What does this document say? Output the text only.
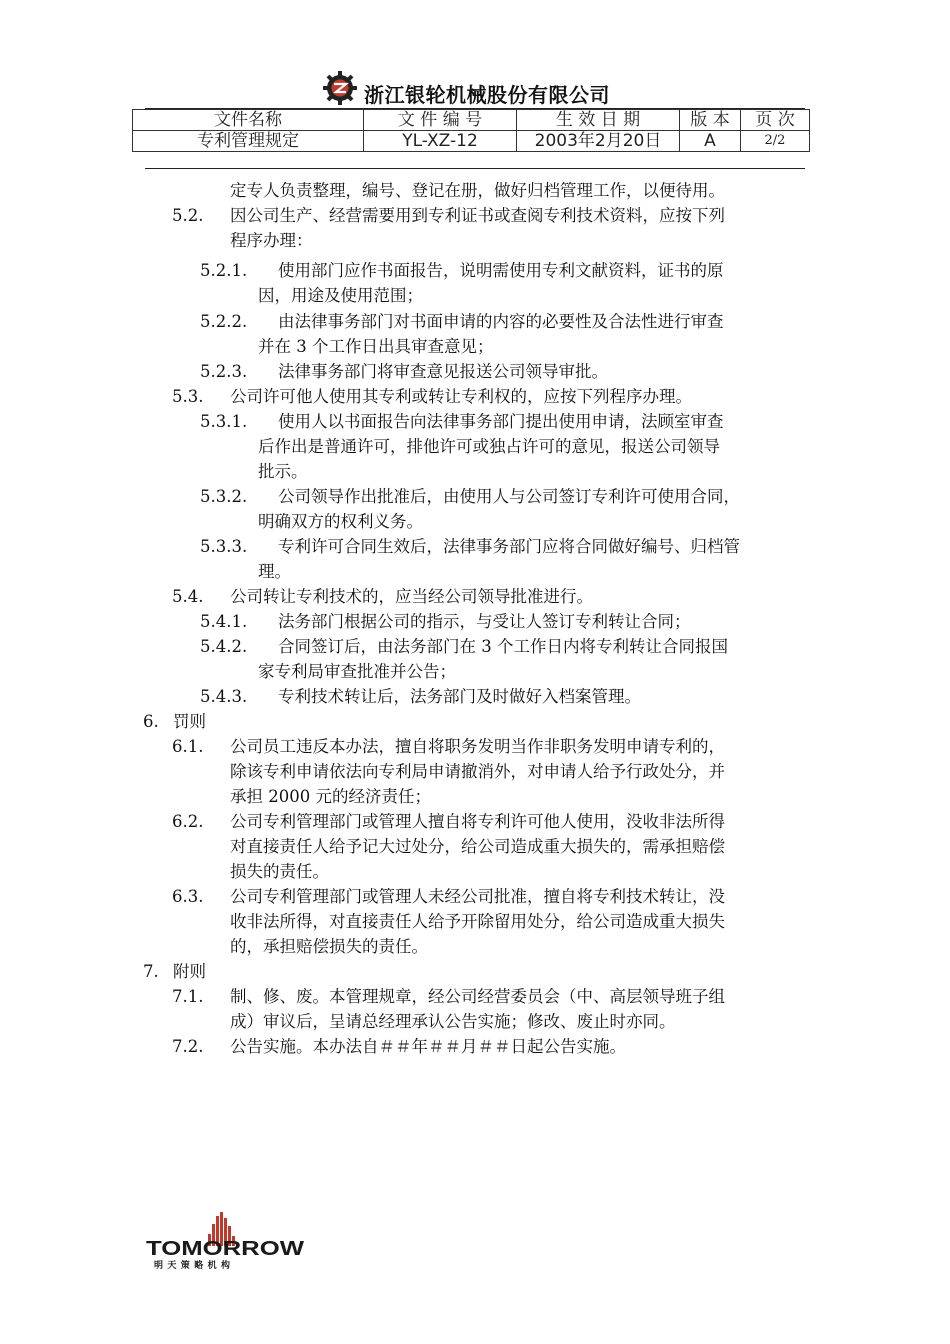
浙江银轮机械股份有限公司
文件名称	文 件 编 号	生 效 日 期	版 本	页 次
专利管理规定	YL-XZ-12	2003年2月20日	A	2/2
定专人负责整理，编号、登记在册，做好归档管理工作，以便待用。
5.2. 因公司生产、经营需要用到专利证书或查阅专利技术资料，应按下列
程序办理：
5.2.1. 使用部门应作书面报告，说明需使用专利文献资料，证书的原
因，用途及使用范围；
5.2.2. 由法律事务部门对书面申请的内容的必要性及合法性进行审查
并在 3 个工作日出具审查意见；
5.2.3. 法律事务部门将审查意见报送公司领导审批。
5.3. 公司许可他人使用其专利或转让专利权的，应按下列程序办理。
5.3.1. 使用人以书面报告向法律事务部门提出使用申请，法顾室审查
后作出是普通许可，排他许可或独占许可的意见，报送公司领导
批示。
5.3.2. 公司领导作出批准后，由使用人与公司签订专利许可使用合同，
明确双方的权利义务。
5.3.3. 专利许可合同生效后，法律事务部门应将合同做好编号、归档管
理。
5.4. 公司转让专利技术的，应当经公司领导批准进行。
5.4.1. 法务部门根据公司的指示，与受让人签订专利转让合同；
5.4.2. 合同签订后，由法务部门在 3 个工作日内将专利转让合同报国
家专利局审查批准并公告；
5.4.3. 专利技术转让后，法务部门及时做好入档案管理。
6. 罚则
6.1. 公司员工违反本办法，擅自将职务发明当作非职务发明申请专利的，
除该专利申请依法向专利局申请撤消外，对申请人给予行政处分，并
承担 2000 元的经济责任；
6.2. 公司专利管理部门或管理人擅自将专利许可他人使用，没收非法所得
对直接责任人给予记大过处分，给公司造成重大损失的，需承担赔偿
损失的责任。
6.3. 公司专利管理部门或管理人未经公司批准，擅自将专利技术转让，没
收非法所得，对直接责任人给予开除留用处分，给公司造成重大损失
的，承担赔偿损失的责任。
7. 附则
7.1. 制、修、废。本管理规章，经公司经营委员会（中、高层领导班子组
成）审议后，呈请总经理承认公告实施；修改、废止时亦同。
7.2. 公告实施。本办法自＃＃年＃＃月＃＃日起公告实施。
TOMORROW
明天策略机构
